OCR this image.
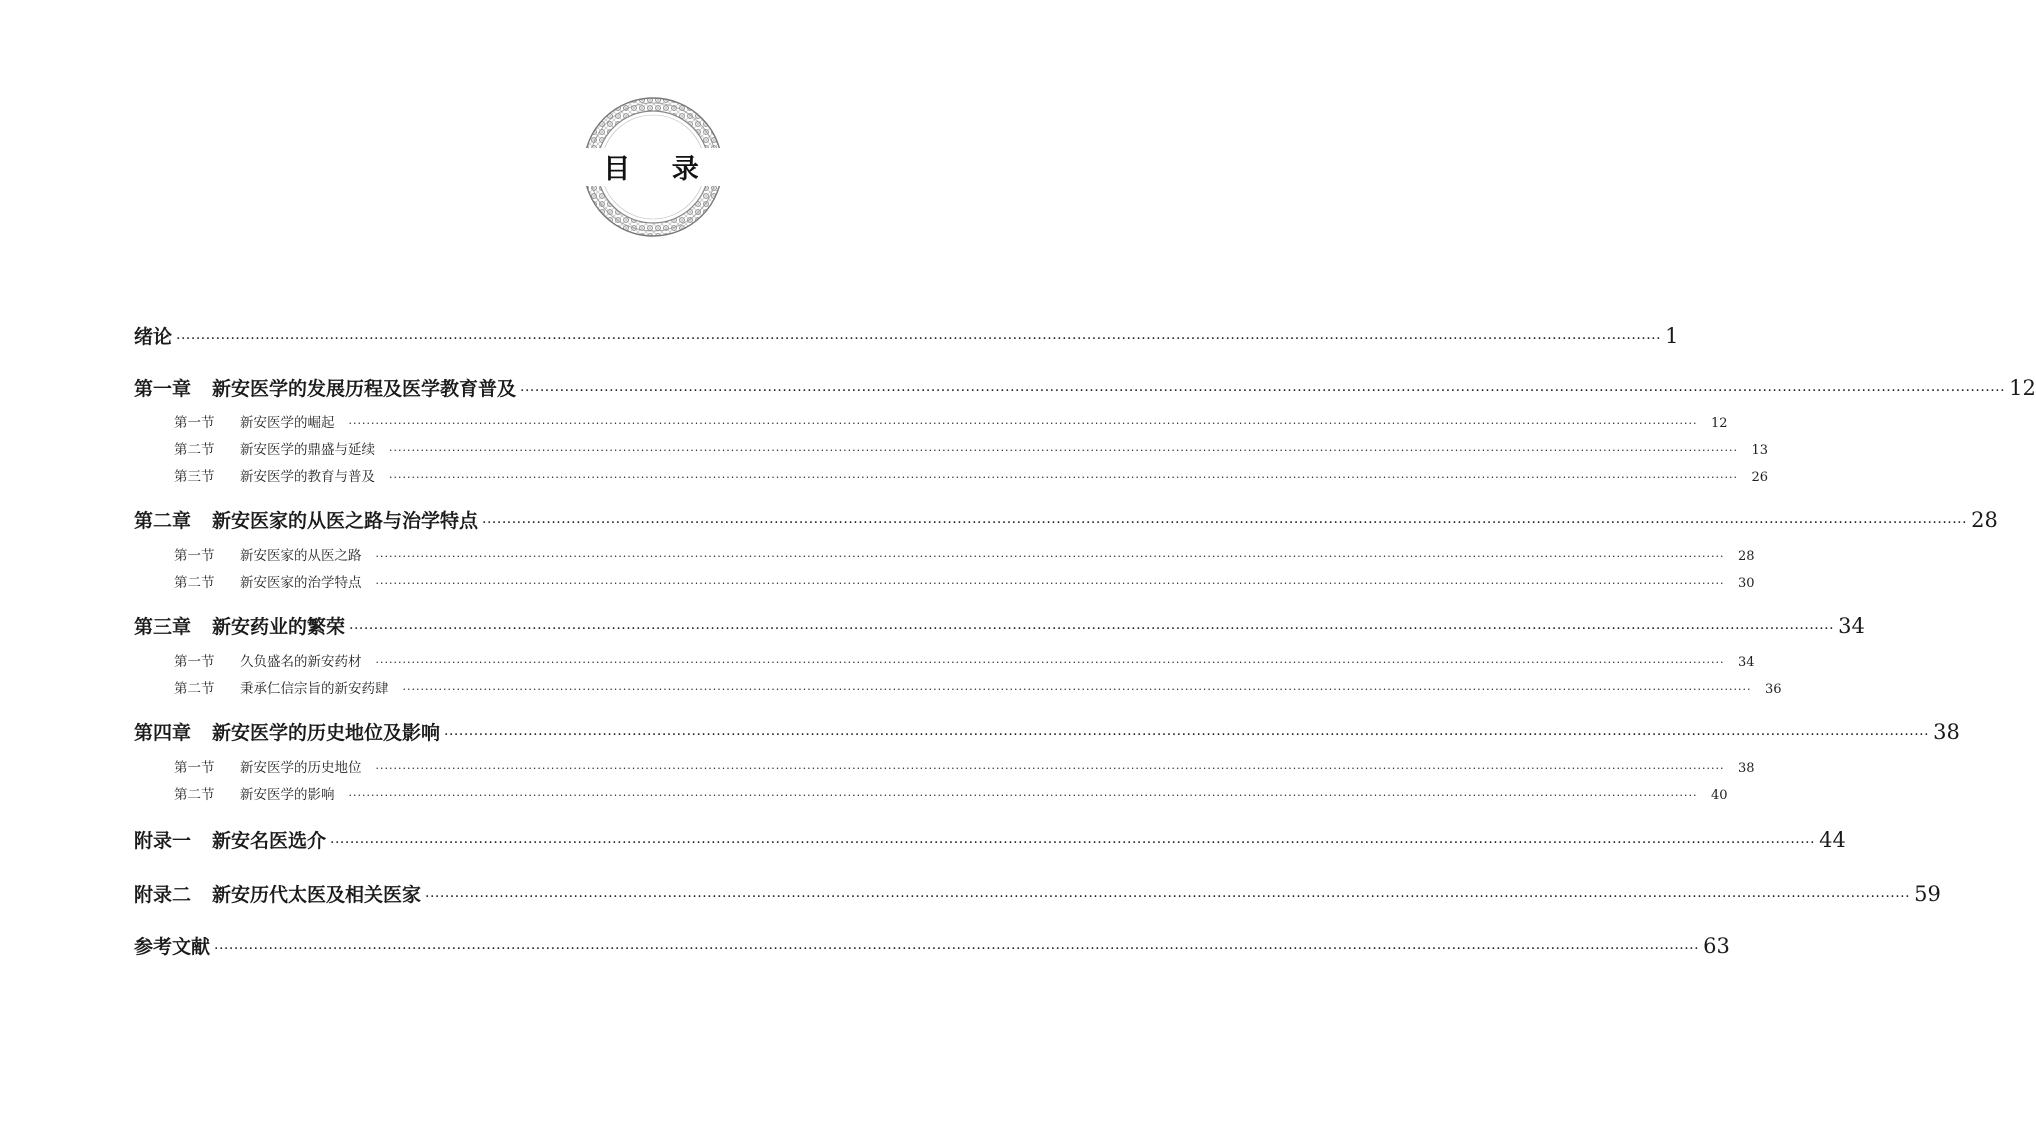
目 录
绪论 ············································································································································································································································································································ 1
第一章 新安医学的发展历程及医学教育普及 ············································································································································································································································································································ 12
第一节 新安医学的崛起 ············································································································································································································································································································	12
第二节 新安医学的鼎盛与延续 ············································································································································································································································································································	13
第三节 新安医学的教育与普及 ············································································································································································································································································································	26
第二章 新安医家的从医之路与治学特点 ············································································································································································································································································································ 28
第一节 新安医家的从医之路 ············································································································································································································································································································	28
第二节 新安医家的治学特点 ············································································································································································································································································································	30
第三章 新安药业的繁荣 ············································································································································································································································································································ 34
第一节 久负盛名的新安药材 ············································································································································································································································································································	34
第二节 秉承仁信宗旨的新安药肆 ············································································································································································································································································································	36
第四章 新安医学的历史地位及影响 ············································································································································································································································································································ 38
第一节 新安医学的历史地位 ············································································································································································································································································································	38
第二节 新安医学的影响 ············································································································································································································································································································	40
附录一 新安名医选介 ············································································································································································································································································································ 44
附录二 新安历代太医及相关医家 ············································································································································································································································································································ 59
参考文献 ············································································································································································································································································································ 63
